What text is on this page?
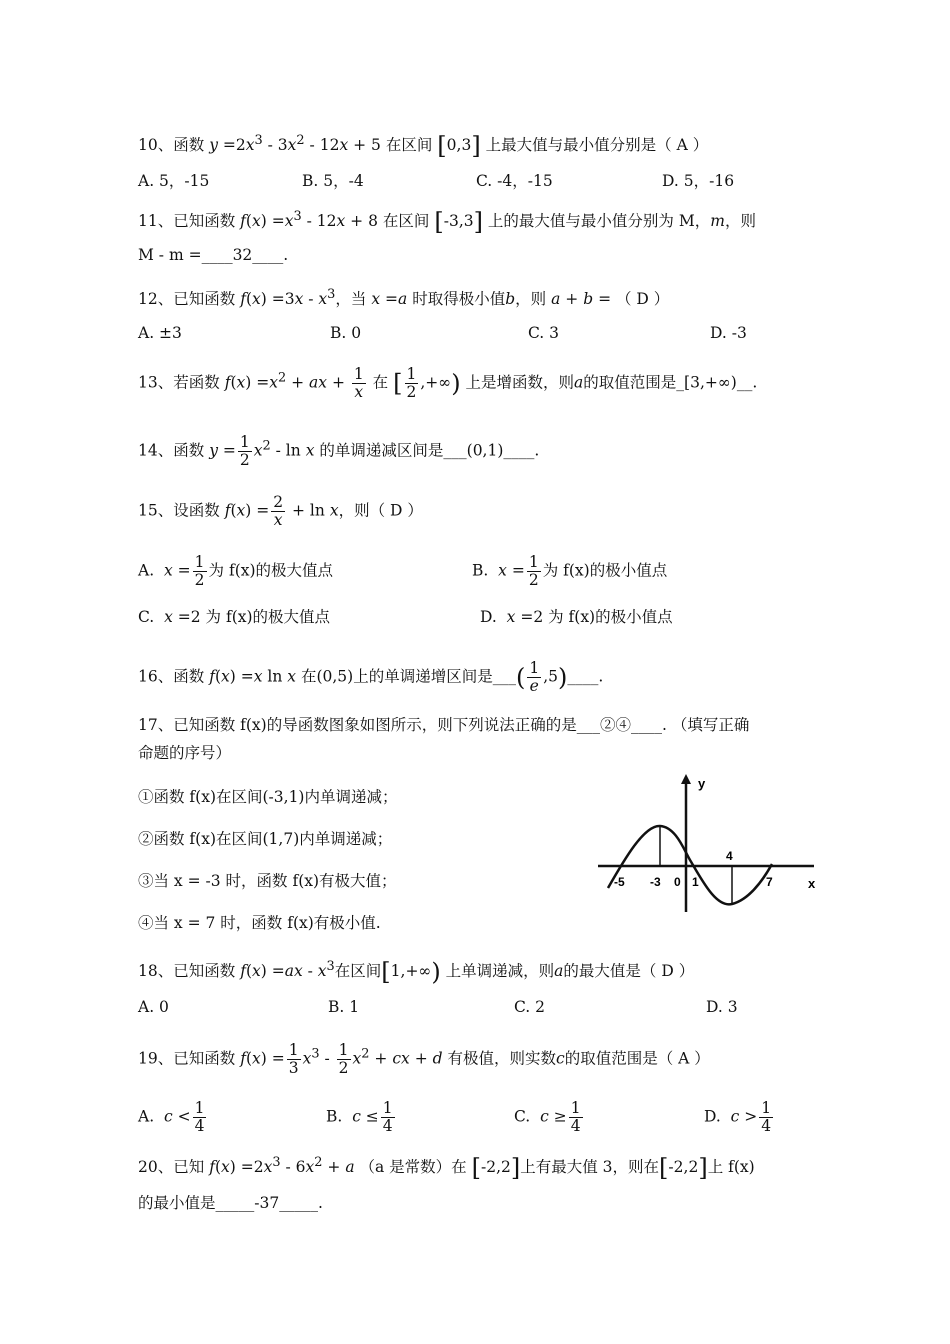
10、函数 $y =2x^3 - 3x^2 - 12x + 5$ 在区间 [0,3] 上最大值与最小值分别是（ A ）
A. 5，-15	B. 5，-4	C. -4，-15	D. 5，-16
11、已知函数 $f(x) =x^3 - 12x + 8$ 在区间 [-3,3] 上的最大值与最小值分别为 M，m，则
M - m =____32____.
12、已知函数 $f(x) =3x - x^3$，当 x =a 时取得极小值b，则 a + b = （ D ）
A. ±3	B. 0	C. 3	D. -3
13、若函数 $f(x) =x^2$ + ax + $\frac{1}{x}$ 在 [ $\frac{1}{2}$ ,+∞) 上是增函数，则a的取值范围是_[3,+∞)__.
14、函数 $y = \frac{1}{2} x^2 - \ln x$ 的单调递减区间是___(0,1)____.
15、设函数 $f(x) = \frac{2}{x} + \ln x$，则（ D ）
A.  $x = \frac{1}{2}$ 为 f(x)的极大值点	B.  $x = \frac{1}{2}$ 为 f(x)的极小值点
C.  x =2 为 f(x)的极大值点	D.  x =2 为 f(x)的极小值点
16、函数 f(x) =x ln x 在(0,5)上的单调递增区间是___( $\frac{1}{e}$ ,5)____.
17、已知函数 f(x)的导函数图象如图所示，则下列说法正确的是___②④____. （填写正确
命题的序号）
①函数 f(x)在区间(-3,1)内单调递减；
②函数 f(x)在区间(1,7)内单调递减；
③当 x = -3 时，函数 f(x)有极大值；
④当 x = 7 时，函数 f(x)有极小值.
y
x
-5 -3 0 1
4
7
18、已知函数 $f(x) =ax - x^3$在区间[1,+∞) 上单调递减，则a的最大值是（ D ）
A. 0	B. 1	C. 2	D. 3
19、已知函数 $f(x) = \frac{1}{3} x^3 - \frac{1}{2} x^2$ + cx + d 有极值，则实数c的取值范围是（ A ）
A. $c < \frac{1}{4}$	B. $c \le \frac{1}{4}$	C. $c \ge \frac{1}{4}$	D. $c > \frac{1}{4}$
20、已知 $f(x) =2x^3 - 6x^2 + a$ （a 是常数）在 [-2,2]上有最大值 3，则在[-2,2]上 f(x)
的最小值是_____-37_____.
